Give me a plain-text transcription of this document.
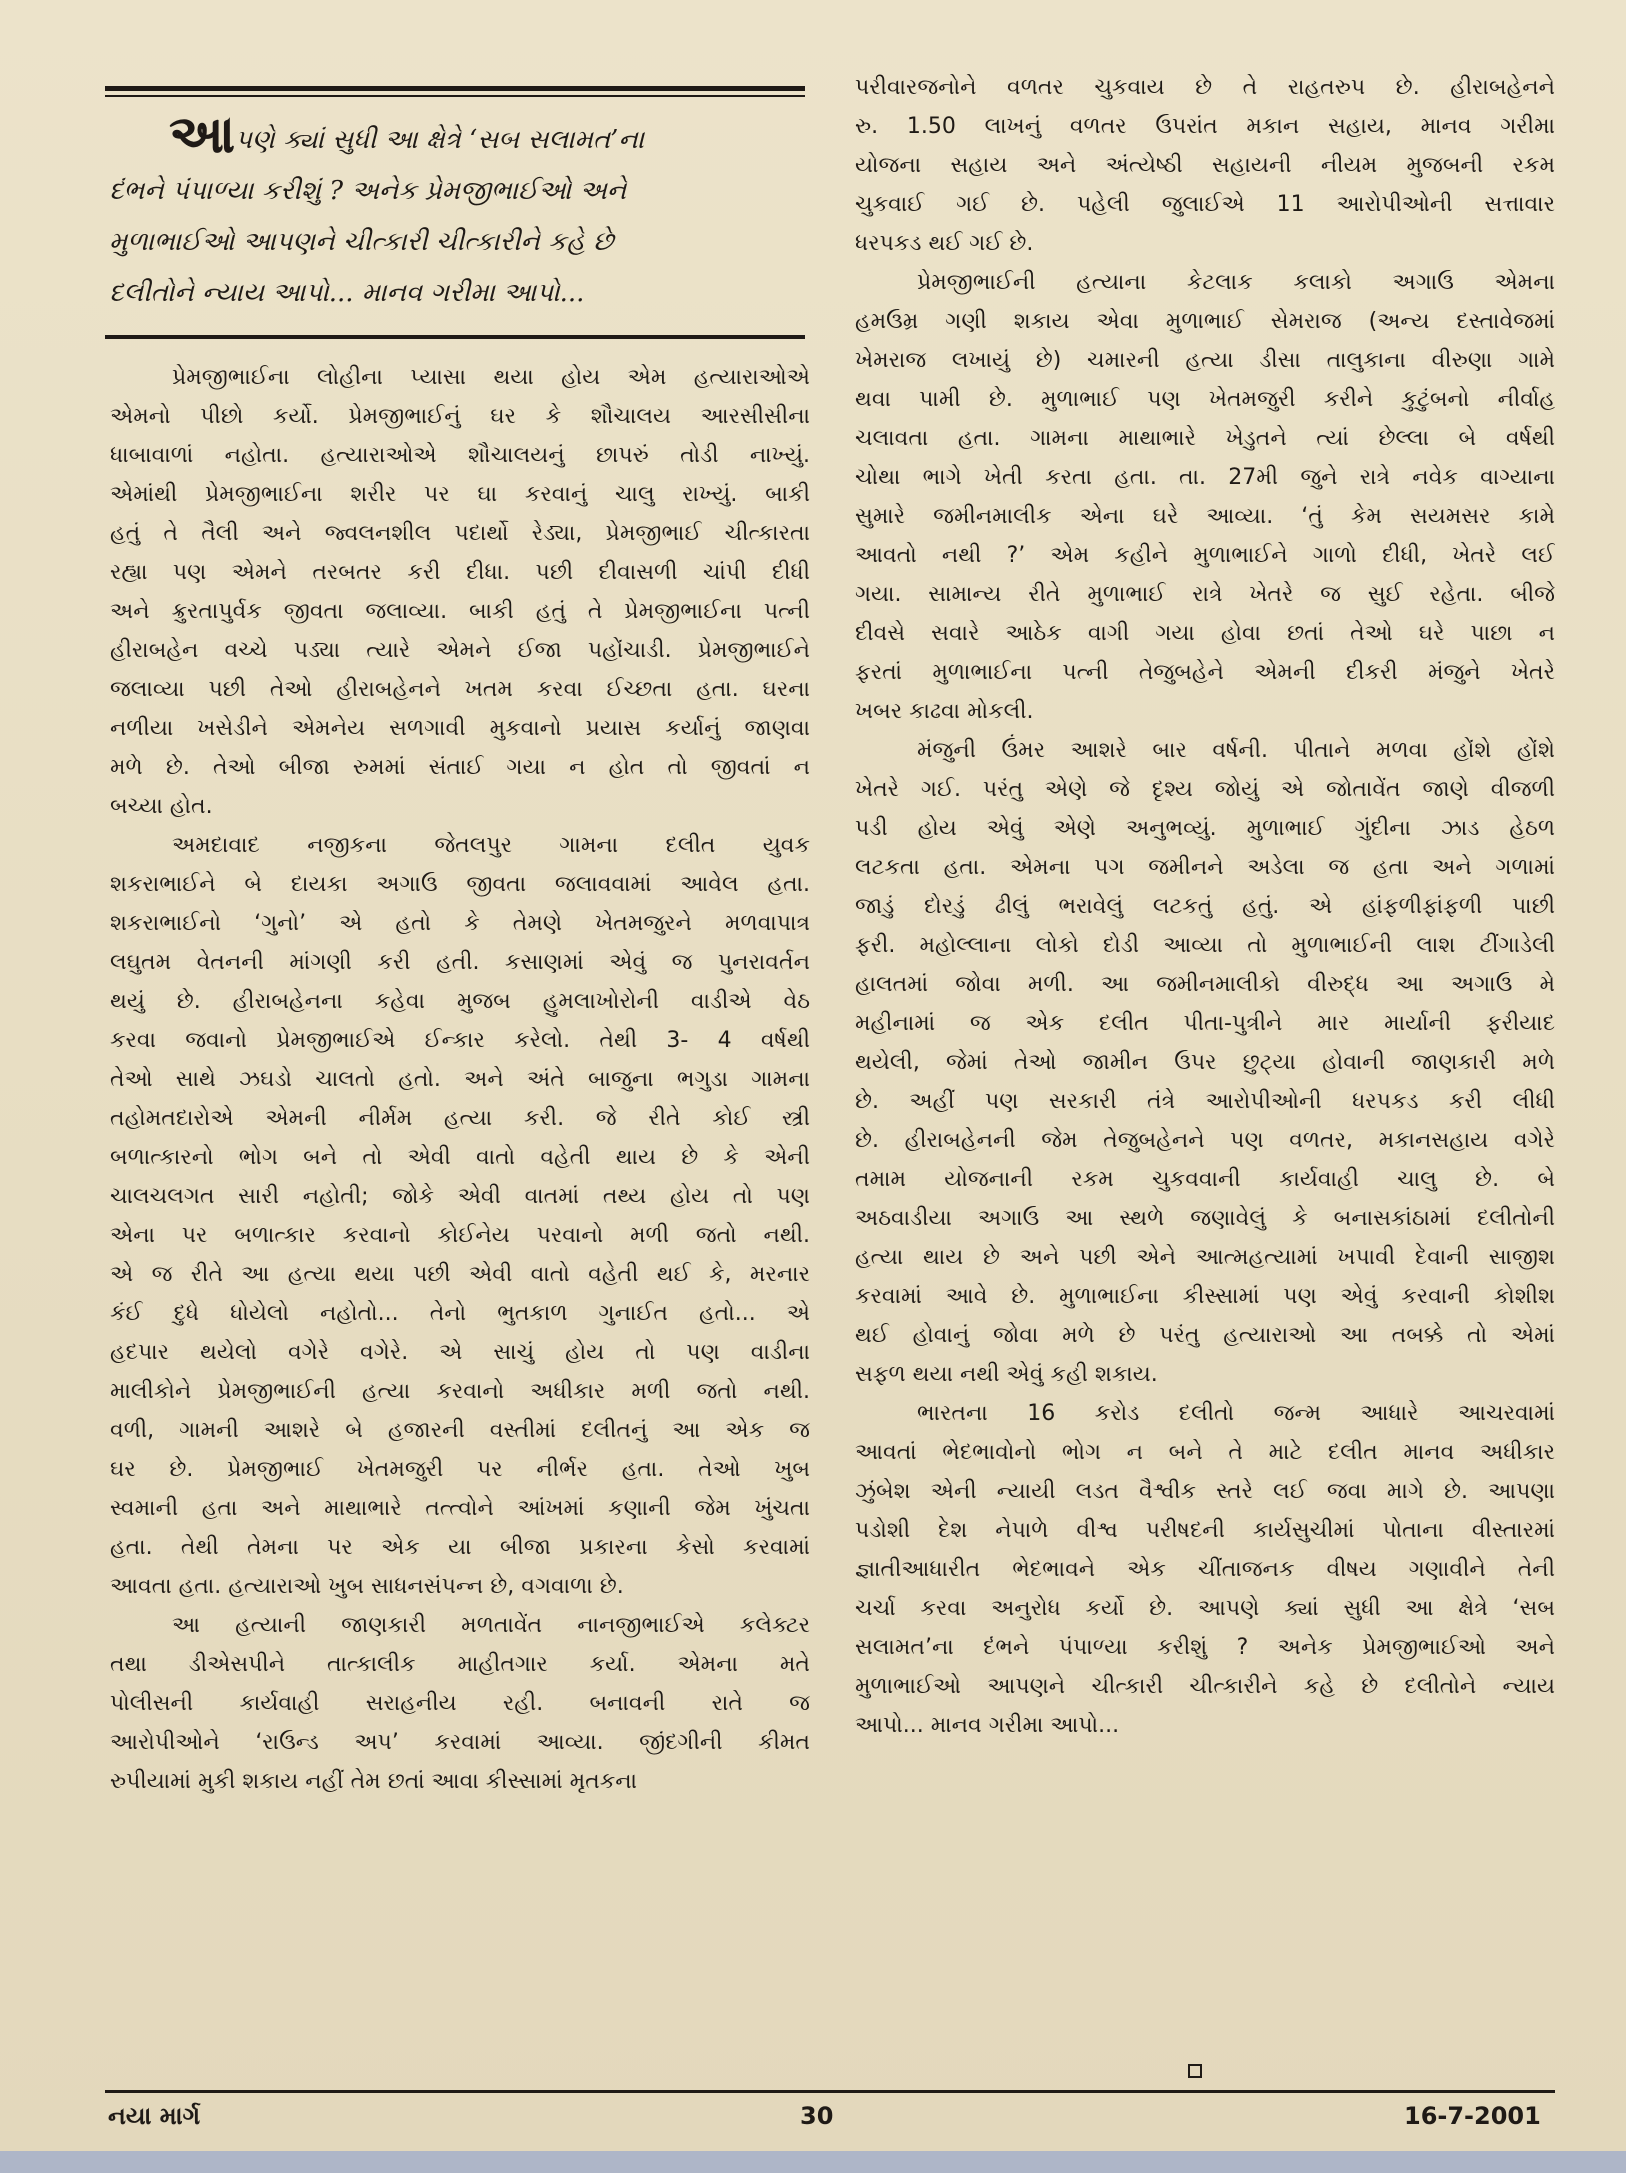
આપણે ક્યાં સુધી આ ક્ષેત્રે ‘સબ સલામત’ના
દંભને પંપાળ્યા કરીશું ? અનેક પ્રેમજીભાઈઓ અને
મુળાભાઈઓ આપણને ચીત્કારી ચીત્કારીને કહે છે
દલીતોને ન્યાય આપો... માનવ ગરીમા આપો...
પ્રેમજીભાઈના લોહીના પ્યાસા થયા હોય એમ હત્યારાઓએ
એમનો પીછો કર્યો. પ્રેમજીભાઈનું ઘર કે શૌચાલય આરસીસીના
ધાબાવાળાં નહોતા. હત્યારાઓએ શૌચાલયનું છાપરું તોડી નાખ્યું.
એમાંથી પ્રેમજીભાઈના શરીર પર ઘા કરવાનું ચાલુ રાખ્યું. બાકી
હતું તે તૈલી અને જ્વલનશીલ પદાર્થો રેડ્યા, પ્રેમજીભાઈ ચીત્કારતા
રહ્યા પણ એમને તરબતર કરી દીધા. પછી દીવાસળી ચાંપી દીધી
અને ક્રુરતાપુર્વક જીવતા જલાવ્યા. બાકી હતું તે પ્રેમજીભાઈના પત્ની
હીરાબહેન વચ્ચે પડ્યા ત્યારે એમને ઈજા પહોંચાડી. પ્રેમજીભાઈને
જલાવ્યા પછી તેઓ હીરાબહેનને ખતમ કરવા ઈચ્છતા હતા. ઘરના
નળીયા ખસેડીને એમનેય સળગાવી મુકવાનો પ્રયાસ કર્યાનું જાણવા
મળે છે. તેઓ બીજા રુમમાં સંતાઈ ગયા ન હોત તો જીવતાં ન
બચ્યા હોત.
અમદાવાદ નજીકના જેતલપુર ગામના દલીત યુવક
શકરાભાઈને બે દાયકા અગાઉ જીવતા જલાવવામાં આવેલ હતા.
શકરાભાઈનો ‘ગુનો’ એ હતો કે તેમણે ખેતમજુરને મળવાપાત્ર
લઘુતમ વેતનની માંગણી કરી હતી. કસાણમાં એવું જ પુનરાવર્તન
થયું છે. હીરાબહેનના કહેવા મુજબ હુમલાખોરોની વાડીએ વેઠ
કરવા જવાનો પ્રેમજીભાઈએ ઈન્કાર કરેલો. તેથી 3- 4 વર્ષથી
તેઓ સાથે ઝઘડો ચાલતો હતો. અને અંતે બાજુના ભગુડા ગામના
તહોમતદારોએ એમની નીર્મમ હત્યા કરી. જે રીતે કોઈ સ્ત્રી
બળાત્કારનો ભોગ બને તો એવી વાતો વહેતી થાય છે કે એની
ચાલચલગત સારી નહોતી; જોકે એવી વાતમાં તથ્ય હોય તો પણ
એના પર બળાત્કાર કરવાનો કોઈનેય પરવાનો મળી જતો નથી.
એ જ રીતે આ હત્યા થયા પછી એવી વાતો વહેતી થઈ કે, મરનાર
કંઈ દુધે ધોયેલો નહોતો... તેનો ભુતકાળ ગુનાઈત હતો... એ
હદપાર થયેલો વગેરે વગેરે. એ સાચું હોય તો પણ વાડીના
માલીકોને પ્રેમજીભાઈની હત્યા કરવાનો અધીકાર મળી જતો નથી.
વળી, ગામની આશરે બે હજારની વસ્તીમાં દલીતનું આ એક જ
ઘર છે. પ્રેમજીભાઈ ખેતમજુરી પર નીર્ભર હતા. તેઓ ખુબ
સ્વમાની હતા અને માથાભારે તત્ત્વોને આંખમાં કણાની જેમ ખુંચતા
હતા. તેથી તેમના પર એક યા બીજા પ્રકારના કેસો કરવામાં
આવતા હતા. હત્યારાઓ ખુબ સાધનસંપન્ન છે, વગવાળા છે.
આ હત્યાની જાણકારી મળતાવેંત નાનજીભાઈએ કલેક્ટર
તથા ડીએસપીને તાત્કાલીક માહીતગાર કર્યા. એમના મતે
પોલીસની કાર્યવાહી સરાહનીય રહી. બનાવની રાતે જ
આરોપીઓને ‘રાઉન્ડ અપ’ કરવામાં આવ્યા. જીંદગીની કીમત
રુપીયામાં મુકી શકાય નહીં તેમ છતાં આવા કીસ્સામાં મૃતકના
પરીવારજનોને વળતર ચુકવાય છે તે રાહતરુપ છે. હીરાબહેનને
રુ. 1.50 લાખનું વળતર ઉપરાંત મકાન સહાય, માનવ ગરીમા
યોજના સહાય અને અંત્યેષ્ઠી સહાયની નીયમ મુજબની રકમ
ચુકવાઈ ગઈ છે. પહેલી જુલાઈએ 11 આરોપીઓની સત્તાવાર
ધરપકડ થઈ ગઈ છે.
પ્રેમજીભાઈની હત્યાના કેટલાક કલાકો અગાઉ એમના
હમઉમ્ર ગણી શકાય એવા મુળાભાઈ સેમરાજ (અન્ય દસ્તાવેજમાં
ખેમરાજ લખાયું છે) ચમારની હત્યા ડીસા તાલુકાના વીરુણા ગામે
થવા પામી છે. મુળાભાઈ પણ ખેતમજુરી કરીને કુટુંબનો નીર્વાહ
ચલાવતા હતા. ગામના માથાભારે ખેડુતને ત્યાં છેલ્લા બે વર્ષથી
ચોથા ભાગે ખેતી કરતા હતા. તા. 27મી જુને રાત્રે નવેક વાગ્યાના
સુમારે જમીનમાલીક એના ઘરે આવ્યા. ‘તું કેમ સયમસર કામે
આવતો નથી ?’ એમ કહીને મુળાભાઈને ગાળો દીધી, ખેતરે લઈ
ગયા. સામાન્ય રીતે મુળાભાઈ રાત્રે ખેતરે જ સુઈ રહેતા. બીજે
દીવસે સવારે આઠેક વાગી ગયા હોવા છતાં તેઓ ઘરે પાછા ન
ફરતાં મુળાભાઈના પત્ની તેજુબહેને એમની દીકરી મંજુને ખેતરે
ખબર કાઢવા મોકલી.
મંજુની ઉંમર આશરે બાર વર્ષની. પીતાને મળવા હોંશે હોંશે
ખેતરે ગઈ. પરંતુ એણે જે દૃશ્ય જોયું એ જોતાવેંત જાણે વીજળી
પડી હોય એવું એણે અનુભવ્યું. મુળાભાઈ ગુંદીના ઝાડ હેઠળ
લટકતા હતા. એમના પગ જમીનને અડેલા જ હતા અને ગળામાં
જાડું દોરડું ઢીલું ભરાવેલું લટકતું હતું. એ હાંફળીફાંફળી પાછી
ફરી. મહોલ્લાના લોકો દોડી આવ્યા તો મુળાભાઈની લાશ ટીંગાડેલી
હાલતમાં જોવા મળી. આ જમીનમાલીકો વીરુદ્ધ આ અગાઉ મે
મહીનામાં જ એક દલીત પીતા-પુત્રીને માર માર્યાની ફરીયાદ
થયેલી, જેમાં તેઓ જામીન ઉપર છુટ્યા હોવાની જાણકારી મળે
છે. અહીં પણ સરકારી તંત્રે આરોપીઓની ધરપકડ કરી લીધી
છે. હીરાબહેનની જેમ તેજુબહેનને પણ વળતર, મકાનસહાય વગેરે
તમામ યોજનાની રકમ ચુકવવાની કાર્યવાહી ચાલુ છે. બે
અઠવાડીયા અગાઉ આ સ્થળે જણાવેલું કે બનાસકાંઠામાં દલીતોની
હત્યા થાય છે અને પછી એને આત્મહત્યામાં ખપાવી દેવાની સાજીશ
કરવામાં આવે છે. મુળાભાઈના કીસ્સામાં પણ એવું કરવાની કોશીશ
થઈ હોવાનું જોવા મળે છે પરંતુ હત્યારાઓ આ તબક્કે તો એમાં
સફળ થયા નથી એવું કહી શકાય.
ભારતના 16 કરોડ દલીતો જન્મ આધારે આચરવામાં
આવતાં ભેદભાવોનો ભોગ ન બને તે માટે દલીત માનવ અધીકાર
ઝુંબેશ એની ન્યાયી લડત વૈશ્વીક સ્તરે લઈ જવા માગે છે. આપણા
પડોશી દેશ નેપાળે વીશ્વ પરીષદની કાર્યસુચીમાં પોતાના વીસ્તારમાં
જ્ઞાતીઆધારીત ભેદભાવને એક ચીંતાજનક વીષય ગણાવીને તેની
ચર્ચા કરવા અનુરોધ કર્યો છે. આપણે ક્યાં સુધી આ ક્ષેત્રે ‘સબ
સલામત’ના દંભને પંપાળ્યા કરીશું ? અનેક પ્રેમજીભાઈઓ અને
મુળાભાઈઓ આપણને ચીત્કારી ચીત્કારીને કહે છે દલીતોને ન્યાય
આપો... માનવ ગરીમા આપો...
નયા માર્ગ	30	16-7-2001
